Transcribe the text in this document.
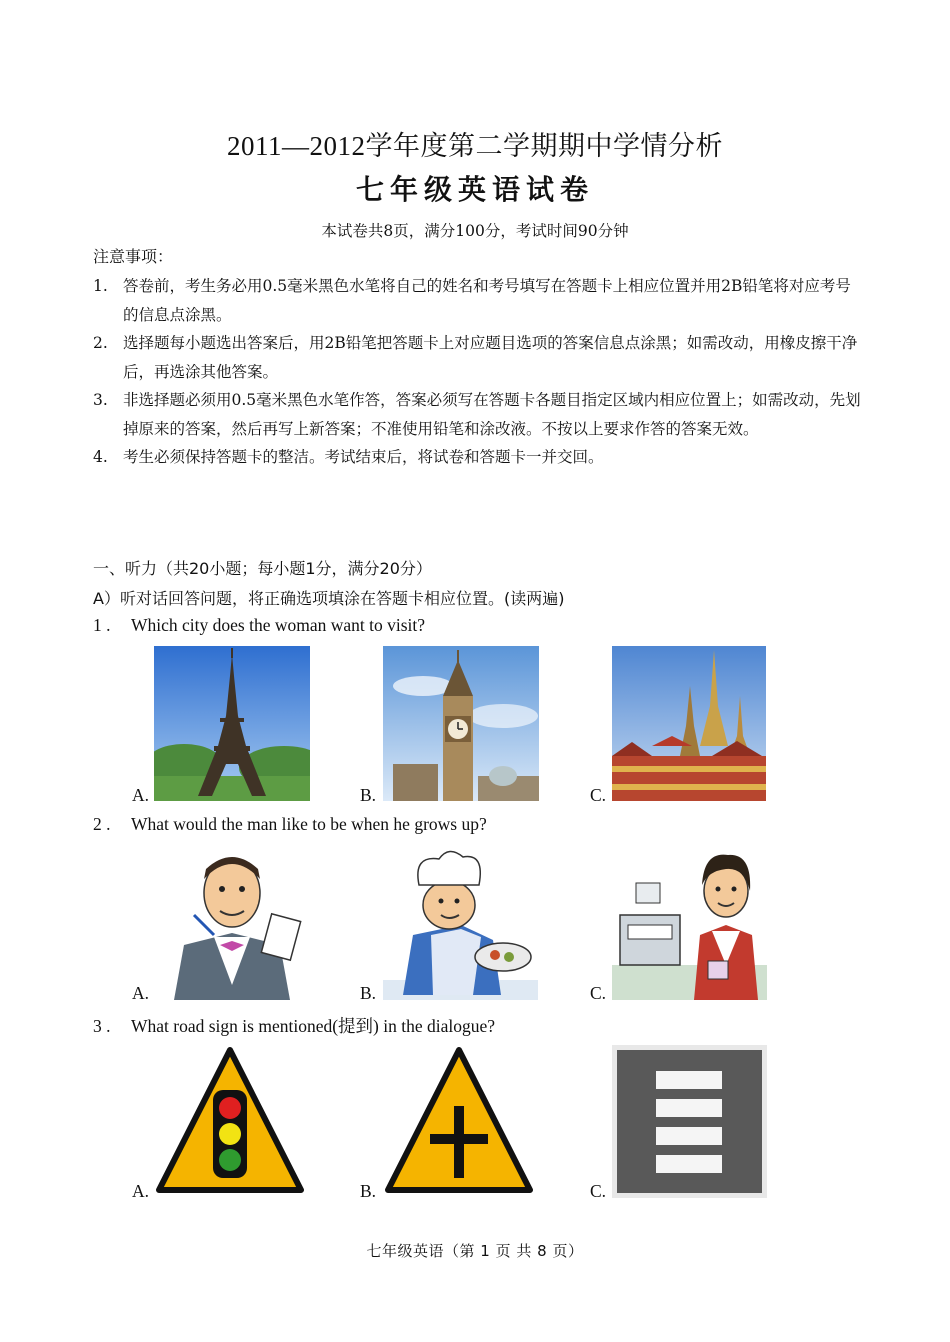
2011—2012学年度第二学期期中学情分析
七年级英语试卷
本试卷共8页，满分100分，考试时间90分钟
注意事项：
1. 答卷前，考生务必用0.5毫米黑色水笔将自己的姓名和考号填写在答题卡上相应位置并用2B铅笔将对应考号的信息点涂黑。
2. 选择题每小题选出答案后，用2B铅笔把答题卡上对应题目选项的答案信息点涂黑；如需改动，用橡皮擦干净后，再选涂其他答案。
3. 非选择题必须用0.5毫米黑色水笔作答，答案必须写在答题卡各题目指定区域内相应位置上；如需改动，先划掉原来的答案，然后再写上新答案；不准使用铅笔和涂改液。不按以上要求作答的答案无效。
4. 考生必须保持答题卡的整洁。考试结束后，将试卷和答题卡一并交回。
一、听力（共20小题；每小题1分，满分20分）
A）听对话回答问题，将正确选项填涂在答题卡相应位置。(读两遍)
1 . Which city does the woman want to visit?
A.	B.	C.
2 . What would the man like to be when he grows up?
A.	B.	C.
3 . What road sign is mentioned(提到) in the dialogue?
A.	B.	C.
七年级英语（第 1 页 共 8 页）
